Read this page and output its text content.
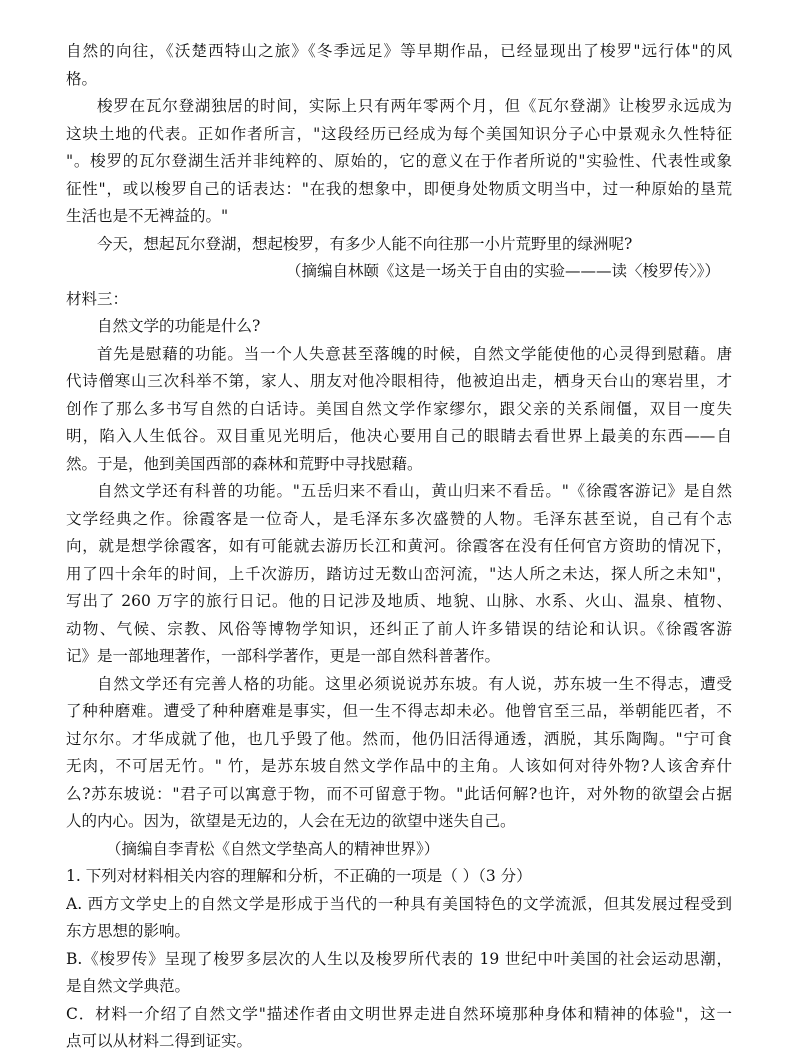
自然的向往，《沃楚西特山之旅》《冬季远足》等早期作品，已经显现出了梭罗"远行体"的风
格。
梭罗在瓦尔登湖独居的时间，实际上只有两年零两个月，但《瓦尔登湖》让梭罗永远成为
这块土地的代表。正如作者所言，"这段经历已经成为每个美国知识分子心中景观永久性特征
"。梭罗的瓦尔登湖生活并非纯粹的、原始的，它的意义在于作者所说的"实验性、代表性或象
征性"，或以梭罗自己的话表达："在我的想象中，即便身处物质文明当中，过一种原始的垦荒
生活也是不无裨益的。"
今天，想起瓦尔登湖，想起梭罗，有多少人能不向往那一小片荒野里的绿洲呢?
（摘编自林颐《这是一场关于自由的实验———读〈梭罗传〉》）
材料三：
自然文学的功能是什么?
首先是慰藉的功能。当一个人失意甚至落魄的时候，自然文学能使他的心灵得到慰藉。唐
代诗僧寒山三次科举不第，家人、朋友对他冷眼相待，他被迫出走，栖身天台山的寒岩里，才
创作了那么多书写自然的白话诗。美国自然文学作家缪尔，跟父亲的关系闹僵，双目一度失
明，陷入人生低谷。双目重见光明后，他决心要用自己的眼睛去看世界上最美的东西——自
然。于是，他到美国西部的森林和荒野中寻找慰藉。
自然文学还有科普的功能。"五岳归来不看山，黄山归来不看岳。"《徐霞客游记》是自然
文学经典之作。徐霞客是一位奇人，是毛泽东多次盛赞的人物。毛泽东甚至说，自己有个志
向，就是想学徐霞客，如有可能就去游历长江和黄河。徐霞客在没有任何官方资助的情况下，
用了四十余年的时间，上千次游历，踏访过无数山峦河流，"达人所之未达，探人所之未知"，
写出了 260 万字的旅行日记。他的日记涉及地质、地貌、山脉、水系、火山、温泉、植物、
动物、气候、宗教、风俗等博物学知识，还纠正了前人许多错误的结论和认识。《徐霞客游
记》是一部地理著作，一部科学著作，更是一部自然科普著作。
自然文学还有完善人格的功能。这里必须说说苏东坡。有人说，苏东坡一生不得志，遭受
了种种磨难。遭受了种种磨难是事实，但一生不得志却未必。他曾官至三品，举朝能匹者，不
过尔尔。才华成就了他，也几乎毁了他。然而，他仍旧活得通透，洒脱，其乐陶陶。"宁可食
无肉，不可居无竹。" 竹，是苏东坡自然文学作品中的主角。人该如何对待外物?人该舍弃什
么?苏东坡说："君子可以寓意于物，而不可留意于物。"此话何解?也许，对外物的欲望会占据
人的内心。因为，欲望是无边的，人会在无边的欲望中迷失自己。
（摘编自李青松《自然文学垫高人的精神世界》）
1. 下列对材料相关内容的理解和分析，不正确的一项是（ ）（3 分）
A. 西方文学史上的自然文学是形成于当代的一种具有美国特色的文学流派，但其发展过程受到
东方思想的影响。
B.《梭罗传》呈现了梭罗多层次的人生以及梭罗所代表的 19 世纪中叶美国的社会运动思潮，
是自然文学典范。
C．材料一介绍了自然文学"描述作者由文明世界走进自然环境那种身体和精神的体验"，这一
点可以从材料二得到证实。
